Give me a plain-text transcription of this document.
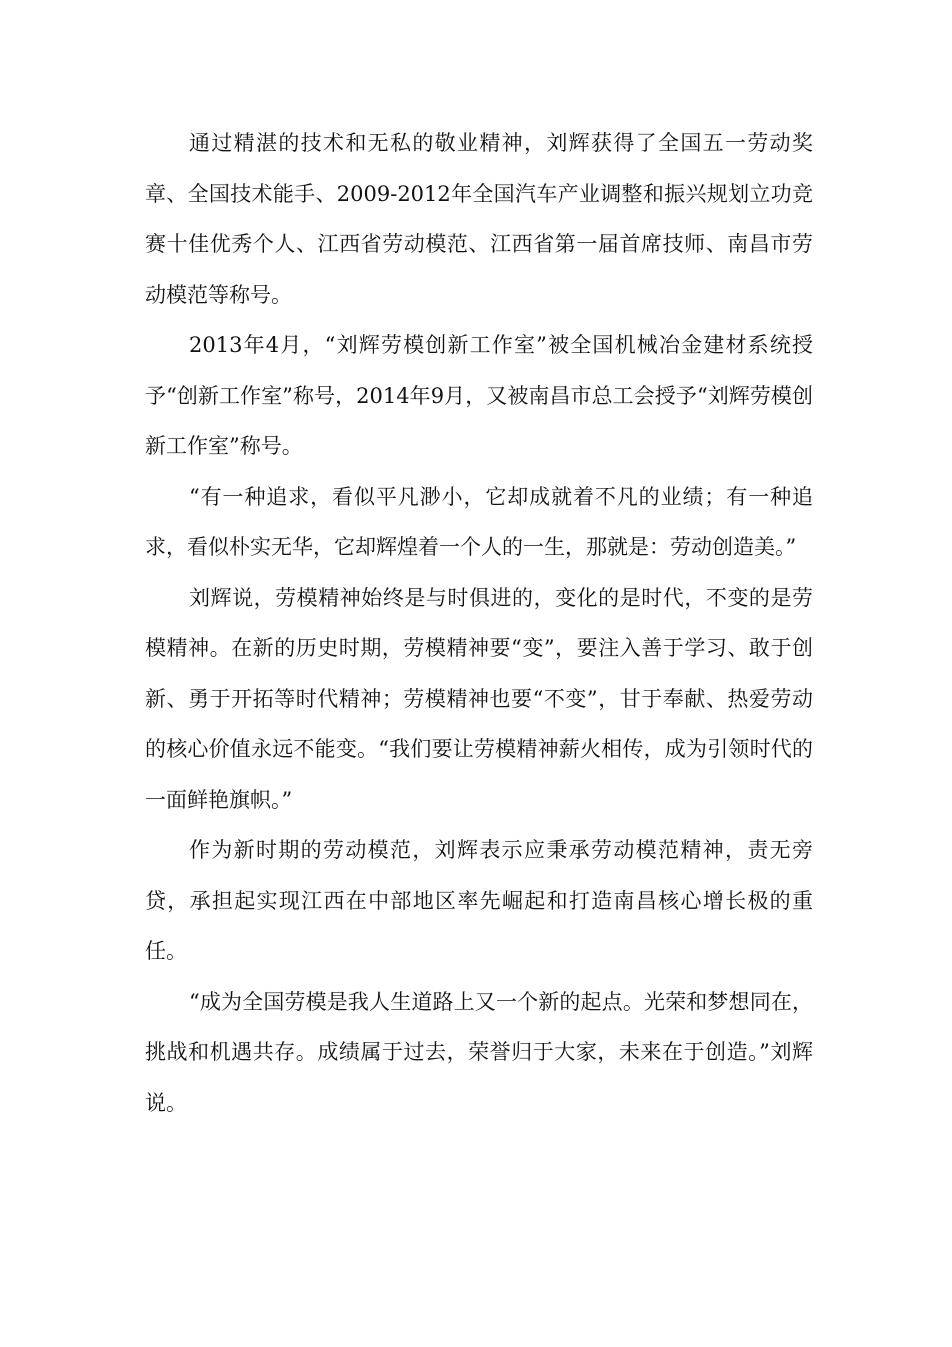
通过精湛的技术和无私的敬业精神，刘辉获得了全国五一劳动奖章、全国技术能手、2009-2012年全国汽车产业调整和振兴规划立功竞赛十佳优秀个人、江西省劳动模范、江西省第一届首席技师、南昌市劳动模范等称号。

2013年4月，“刘辉劳模创新工作室”被全国机械冶金建材系统授予“创新工作室”称号，2014年9月，又被南昌市总工会授予“刘辉劳模创新工作室”称号。

“有一种追求，看似平凡渺小，它却成就着不凡的业绩；有一种追求，看似朴实无华，它却辉煌着一个人的一生，那就是：劳动创造美。”

刘辉说，劳模精神始终是与时俱进的，变化的是时代，不变的是劳模精神。在新的历史时期，劳模精神要“变”，要注入善于学习、敢于创新、勇于开拓等时代精神；劳模精神也要“不变”，甘于奉献、热爱劳动的核心价值永远不能变。“我们要让劳模精神薪火相传，成为引领时代的一面鲜艳旗帜。”

作为新时期的劳动模范，刘辉表示应秉承劳动模范精神，责无旁贷，承担起实现江西在中部地区率先崛起和打造南昌核心增长极的重任。

“成为全国劳模是我人生道路上又一个新的起点。光荣和梦想同在，挑战和机遇共存。成绩属于过去，荣誉归于大家，未来在于创造。”刘辉说。
